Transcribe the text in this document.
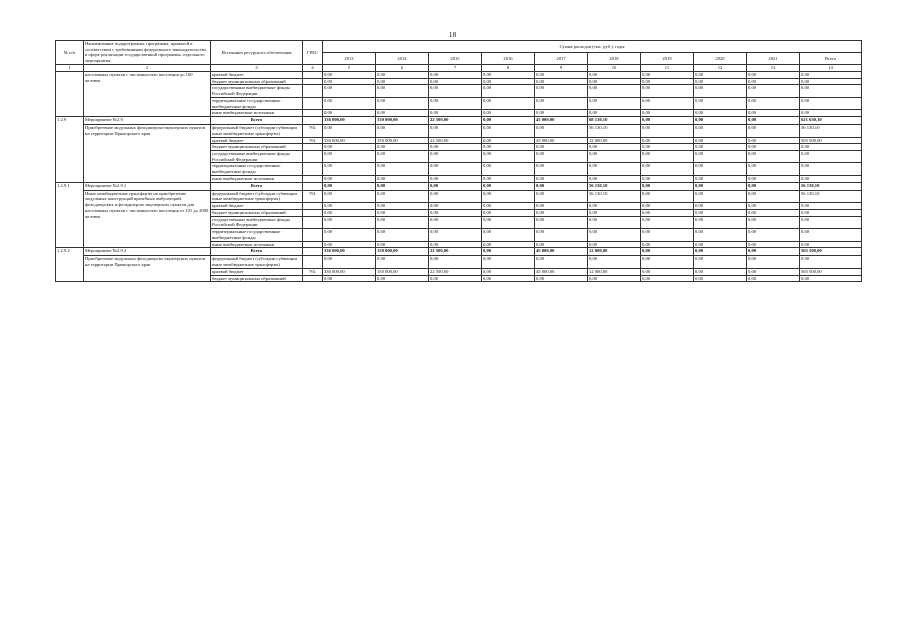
18
№ п/п	Наименование подпрограммы, программы, принятой в соответствии с требованиями федерального законодательства в сфере реализации государственной программы, отдельного мероприятия	Источники ресурсного обеспечения	ГРБС	Сумма расходов (тыс. руб.), годы									
				2013	2014	2015	2016	2017	2018	2019	2020	2021	Всего
1	2	3	4	5	6	7	8	9	10	11	12	13	14
	населенных пунктов с численностью населения до 100 человек	краевой бюджет		0,00	0,00	0,00	0,00	0,00	0,00	0,00	0,00	0,00	0,00
		бюджет муниципальных образований		0,00	0,00	0,00	0,00	0,00	0,00	0,00	0,00	0,00	0,00
		государственные внебюджетные фонды Российской Федерации		0,00	0,00	0,00	0,00	0,00	0,00	0,00	0,00	0,00	0,00
		территориальные государственные внебюджетные фонды		0,00	0,00	0,00	0,00	0,00	0,00	0,00	0,00	0,00	0,00
		иные внебюджетные источники		0,00	0,00	0,00	0,00	0,00	0,00	0,00	0,00	0,00	0,00
1.2.9	Мероприятие №2.9	Всего		336 000,00	150 000,00	22 500,00	0,00	45 000,00	68 130,10	0,00	0,00	0,00	621 630,10
	Приобретение модульных фельдшерско-акушерских пунктов на территории Приморского края	федеральный бюджет (субсидии субвенции иные межбюджетные трансферты)	761	0,00	0,00	0,00	0,00	0,00	56 130,10	0,00	0,00	0,00	56 130,10
		краевой бюджет	761	336 000,00	150 000,00	22 500,00	0,00	45 000,00	12 000,00	0,00	0,00	0,00	565 500,00
		бюджет муниципальных образований		0,00	0,00	0,00	0,00	0,00	0,00	0,00	0,00	0,00	0,00
		государственные внебюджетные фонды Российской Федерации		0,00	0,00	0,00	0,00	0,00	0,00	0,00	0,00	0,00	0,00
		территориальные государственные внебюджетные фонды		0,00	0,00	0,00	0,00	0,00	0,00	0,00	0,00	0,00	0,00
		иные внебюджетные источники		0,00	0,00	0,00	0,00	0,00	0,00	0,00	0,00	0,00	0,00
1.2.9.1	Мероприятие №2.9.1	Всего		0,00	0,00	0,00	0,00	0,00	56 130,10	0,00	0,00	0,00	56 130,10
	Иные межбюджетные трансферты на приобретение модульных конструкций врачебных амбулаторий, фельдшерских и фельдшерско-акушерских пунктов для населенных пунктов с численностью населения от 101 до 2000 человек	федеральный бюджет (субсидии субвенции иные межбюджетные трансферты)	761	0,00	0,00	0,00	0,00	0,00	56 130,10	0,00	0,00	0,00	56 130,10
		краевой бюджет		0,00	0,00	0,00	0,00	0,00	0,00	0,00	0,00	0,00	0,00
		бюджет муниципальных образований		0,00	0,00	0,00	0,00	0,00	0,00	0,00	0,00	0,00	0,00
		государственные внебюджетные фонды Российской Федерации		0,00	0,00	0,00	0,00	0,00	0,00	0,00	0,00	0,00	0,00
		территориальные государственные внебюджетные фонды		0,00	0,00	0,00	0,00	0,00	0,00	0,00	0,00	0,00	0,00
		иные внебюджетные источники		0,00	0,00	0,00	0,00	0,00	0,00	0,00	0,00	0,00	0,00
1.2.9.2	Мероприятие №2.9.2	Всего		336 000,00	150 000,00	22 500,00	0,00	45 000,00	12 000,00	0,00	0,00	0,00	565 500,00
	Приобретение модульных фельдшерско-акушерских пунктов на территории Приморского края	федеральный бюджет (субсидии субвенции иные межбюджетные трансферты)		0,00	0,00	0,00	0,00	0,00	0,00	0,00	0,00	0,00	0,00
		краевой бюджет	761	336 000,00	150 000,00	22 500,00	0,00	45 000,00	12 000,00	0,00	0,00	0,00	565 500,00
		бюджет муниципальных образований		0,00	0,00	0,00	0,00	0,00	0,00	0,00	0,00	0,00	0,00
